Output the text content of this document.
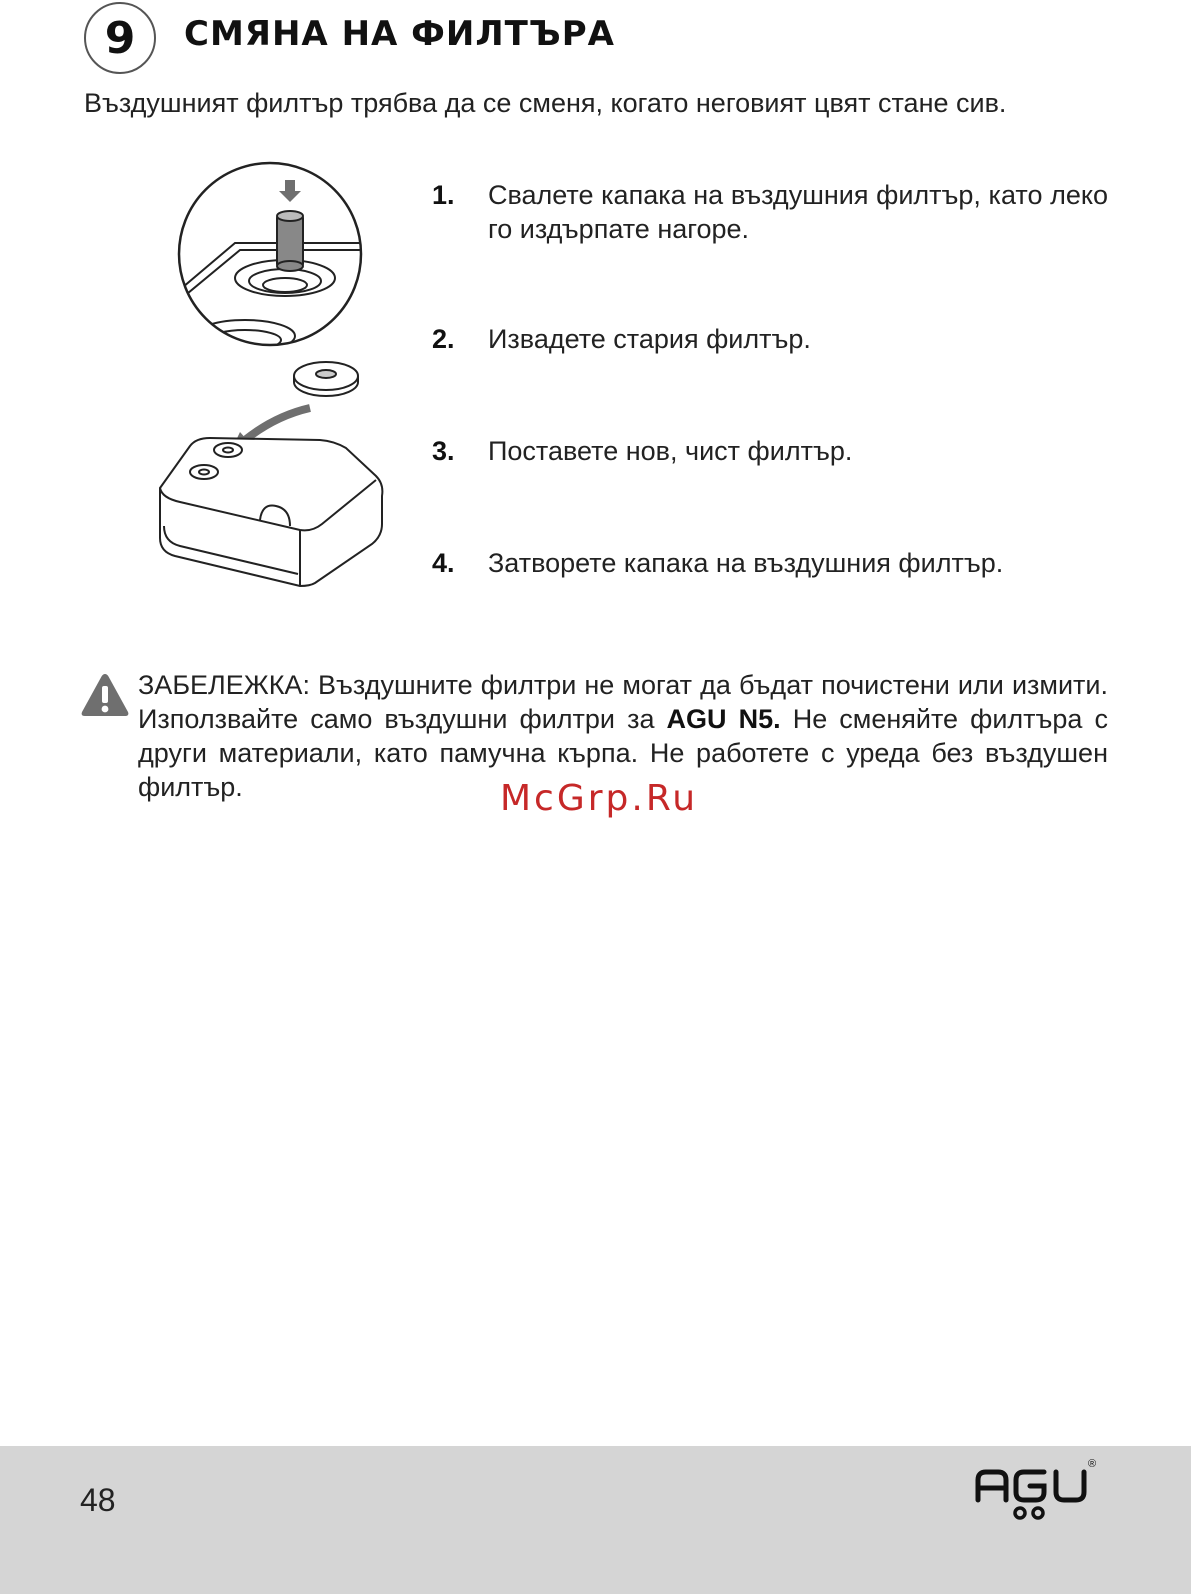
9 СМЯНА НА ФИЛТЪРА
Въздушният филтър трябва да се сменя, когато неговият цвят стане сив.
1.	Свалете капака на въздушния филтър, като леко го издърпате нагоре.
2.	Извадете стария филтър.
3.	Поставете нов, чист филтър.
4.	Затворете капака на въздушния филтър.
ЗАБЕЛЕЖКА: Въздушните филтри не могат да бъдат почистени или измити. Използвайте само въздушни филтри за AGU N5. Не сменяйте филтъра с други материали, като памучна кърпа. Не работете с уреда без въздушен филтър.	McGrp.Ru
48
®
